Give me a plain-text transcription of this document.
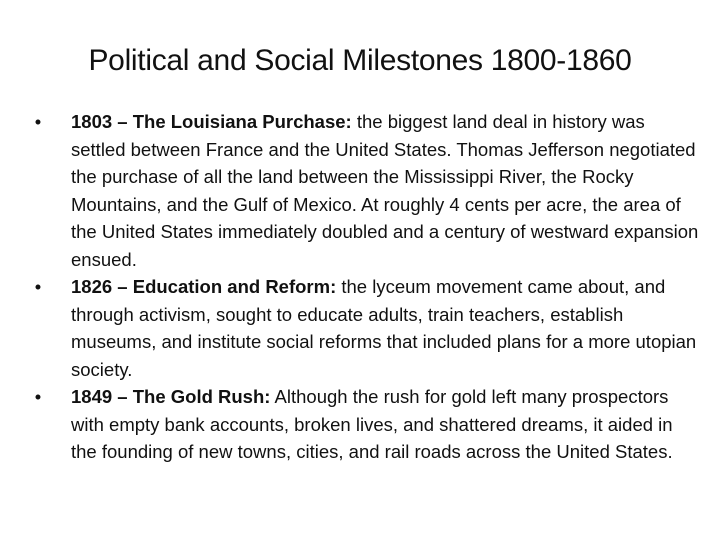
Political and Social Milestones 1800-1860
•	1803 – The Louisiana Purchase: the biggest land deal in history was settled between France and the United States. Thomas Jefferson negotiated the purchase of all the land between the Mississippi River, the Rocky Mountains, and the Gulf of Mexico. At roughly 4 cents per acre, the area of the United States immediately doubled and a century of westward expansion ensued.
•	1826 – Education and Reform: the lyceum movement came about, and through activism, sought to educate adults, train teachers, establish museums, and institute social reforms that included plans for a more utopian society.
•	1849 – The Gold Rush: Although the rush for gold left many prospectors with empty bank accounts, broken lives, and shattered dreams, it aided in the founding of new towns, cities, and rail roads across the United States.
